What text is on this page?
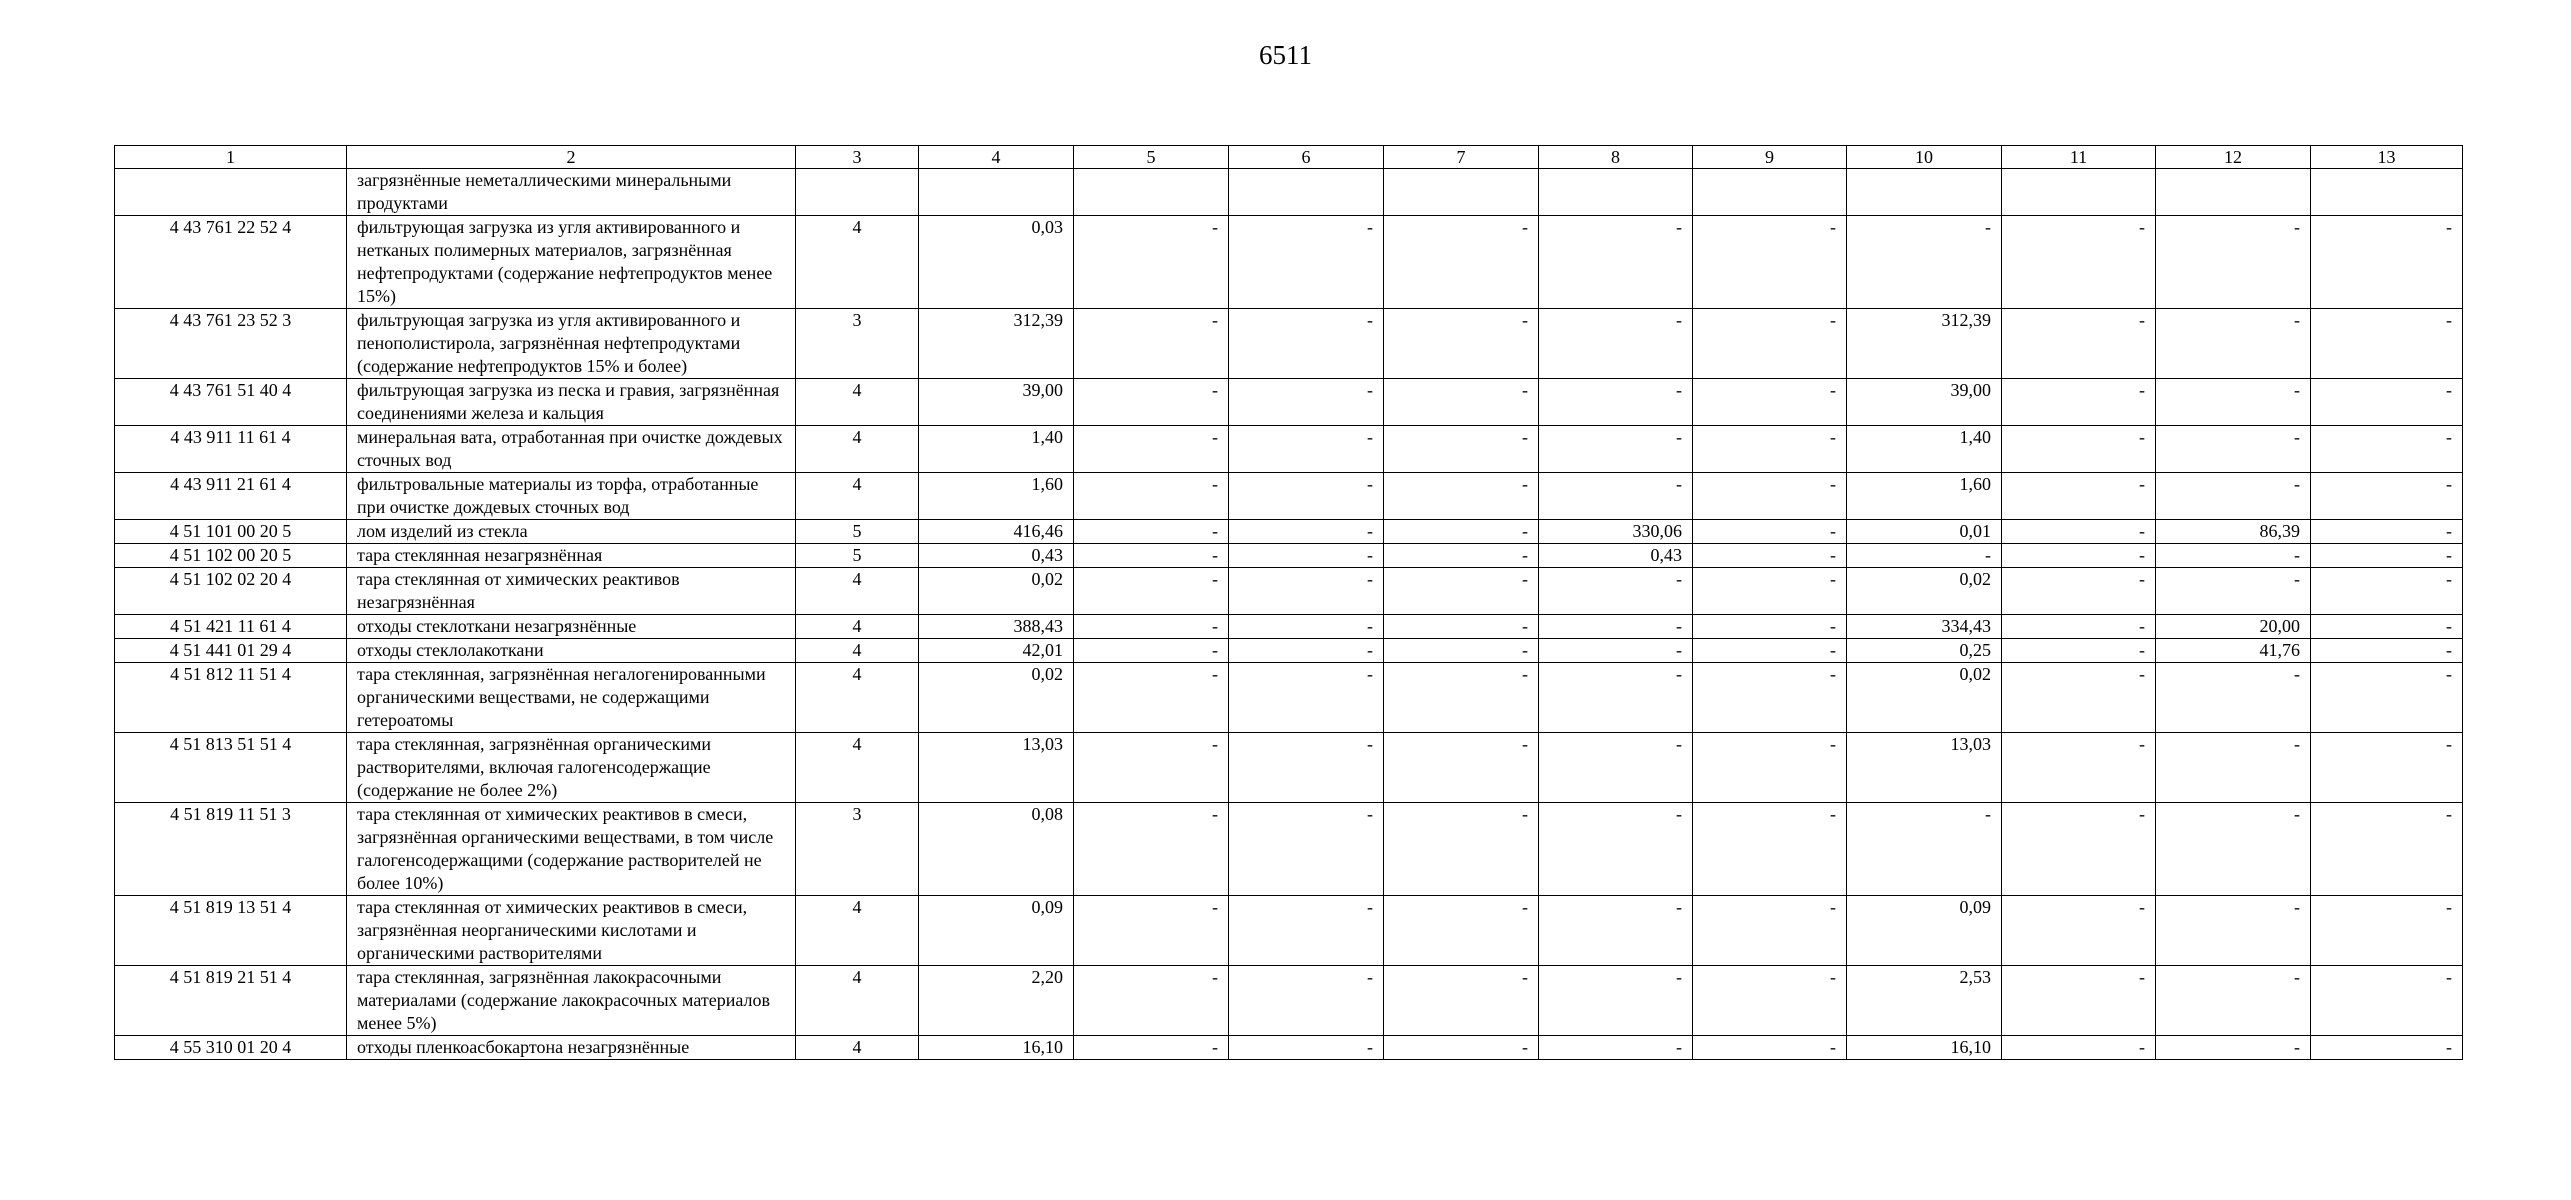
6511
1	2	3	4	5	6	7	8	9	10	11	12	13
	загрязнённые неметаллическими минеральными продуктами											
4 43 761 22 52 4	фильтрующая загрузка из угля активированного и нетканых полимерных материалов, загрязнённая нефтепродуктами (содержание нефтепродуктов менее 15%)	4	0,03	-	-	-	-	-	-	-	-	-
4 43 761 23 52 3	фильтрующая загрузка из угля активированного и пенополистирола, загрязнённая нефтепродуктами (содержание нефтепродуктов 15% и более)	3	312,39	-	-	-	-	-	312,39	-	-	-
4 43 761 51 40 4	фильтрующая загрузка из песка и гравия, загрязнённая соединениями железа и кальция	4	39,00	-	-	-	-	-	39,00	-	-	-
4 43 911 11 61 4	минеральная вата, отработанная при очистке дождевых сточных вод	4	1,40	-	-	-	-	-	1,40	-	-	-
4 43 911 21 61 4	фильтровальные материалы из торфа, отработанные при очистке дождевых сточных вод	4	1,60	-	-	-	-	-	1,60	-	-	-
4 51 101 00 20 5	лом изделий из стекла	5	416,46	-	-	-	330,06	-	0,01	-	86,39	-
4 51 102 00 20 5	тара стеклянная незагрязнённая	5	0,43	-	-	-	0,43	-	-	-	-	-
4 51 102 02 20 4	тара стеклянная от химических реактивов незагрязнённая	4	0,02	-	-	-	-	-	0,02	-	-	-
4 51 421 11 61 4	отходы стеклоткани незагрязнённые	4	388,43	-	-	-	-	-	334,43	-	20,00	-
4 51 441 01 29 4	отходы стеклолакоткани	4	42,01	-	-	-	-	-	0,25	-	41,76	-
4 51 812 11 51 4	тара стеклянная, загрязнённая негалогенированными органическими веществами, не содержащими гетероатомы	4	0,02	-	-	-	-	-	0,02	-	-	-
4 51 813 51 51 4	тара стеклянная, загрязнённая органическими растворителями, включая галогенсодержащие (содержание не более 2%)	4	13,03	-	-	-	-	-	13,03	-	-	-
4 51 819 11 51 3	тара стеклянная от химических реактивов в смеси, загрязнённая органическими веществами, в том числе галогенсодержащими (содержание растворителей не более 10%)	3	0,08	-	-	-	-	-	-	-	-	-
4 51 819 13 51 4	тара стеклянная от химических реактивов в смеси, загрязнённая неорганическими кислотами и органическими растворителями	4	0,09	-	-	-	-	-	0,09	-	-	-
4 51 819 21 51 4	тара стеклянная, загрязнённая лакокрасочными материалами (содержание лакокрасочных материалов менее 5%)	4	2,20	-	-	-	-	-	2,53	-	-	-
4 55 310 01 20 4	отходы пленкоасбокартона незагрязнённые	4	16,10	-	-	-	-	-	16,10	-	-	-
